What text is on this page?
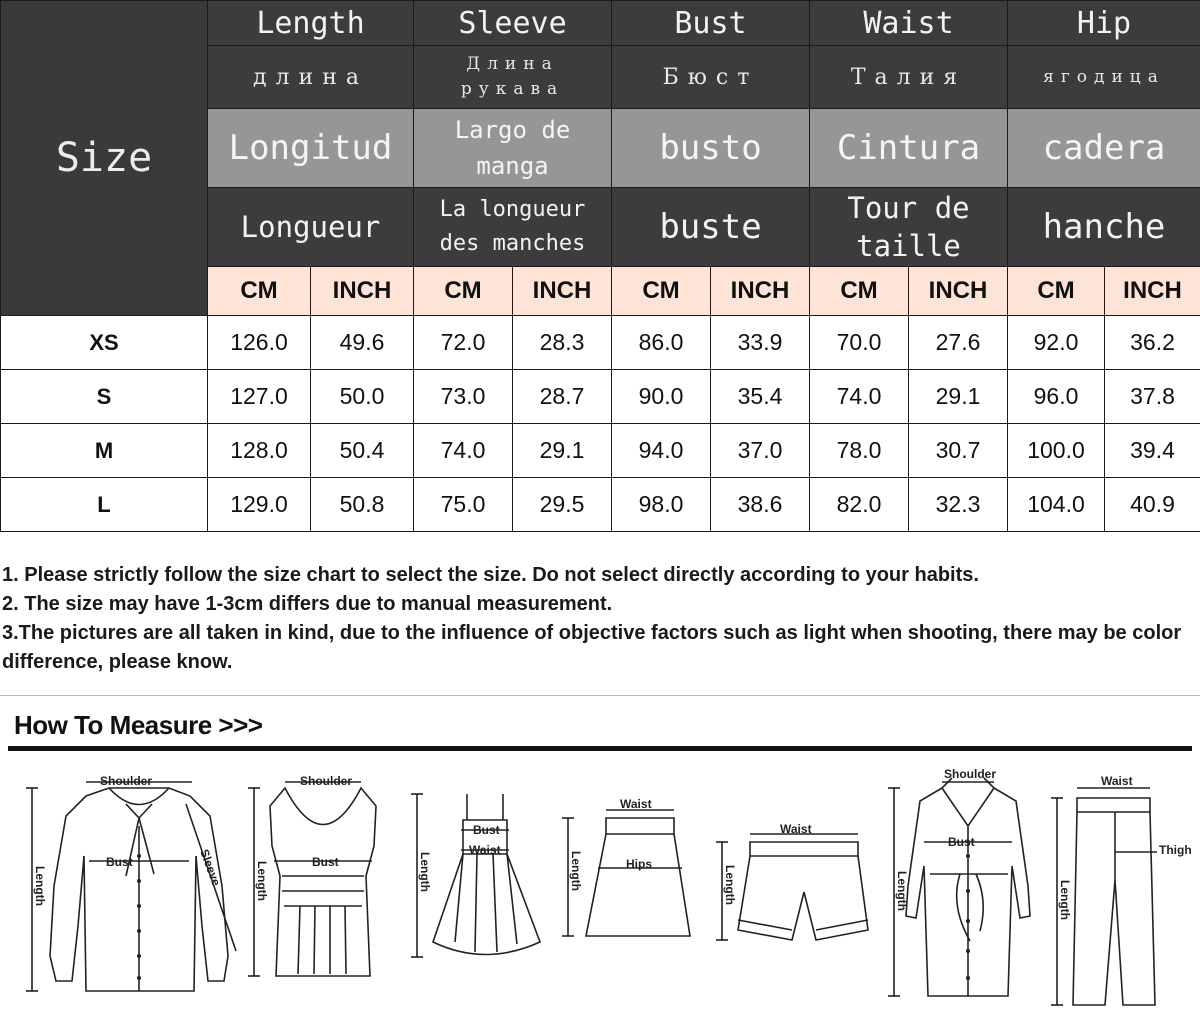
Size	Length		Sleeve		Bust		Waist		Hip	
	длина		Длина рукава		Бюст		Талия		ягодица	
	Longitud		Largo de manga		busto		Cintura		cadera	
	Longueur		La longueur des manches		buste		Tour de taille		hanche	
	CM	INCH	CM	INCH	CM	INCH	CM	INCH	CM	INCH
XS	126.0	49.6	72.0	28.3	86.0	33.9	70.0	27.6	92.0	36.2
S	127.0	50.0	73.0	28.7	90.0	35.4	74.0	29.1	96.0	37.8
M	128.0	50.4	74.0	29.1	94.0	37.0	78.0	30.7	100.0	39.4
L	129.0	50.8	75.0	29.5	98.0	38.6	82.0	32.3	104.0	40.9

1. Please strictly follow the size chart to select the size. Do not select directly according to your habits.

2. The size may have 1-3cm differs due to manual measurement.

3.The pictures are all taken in kind, due to the influence of objective factors such as light when shooting, there may be color difference, please know.

How To Measure >>>
Shoulder
Bust
Length	Sleeve
Shoulder
Bust
Length
Bust
Waist
Length
Waist
Hips
Length
Waist
Length
Shoulder
Bust
Length
Waist
Thigh
Length
